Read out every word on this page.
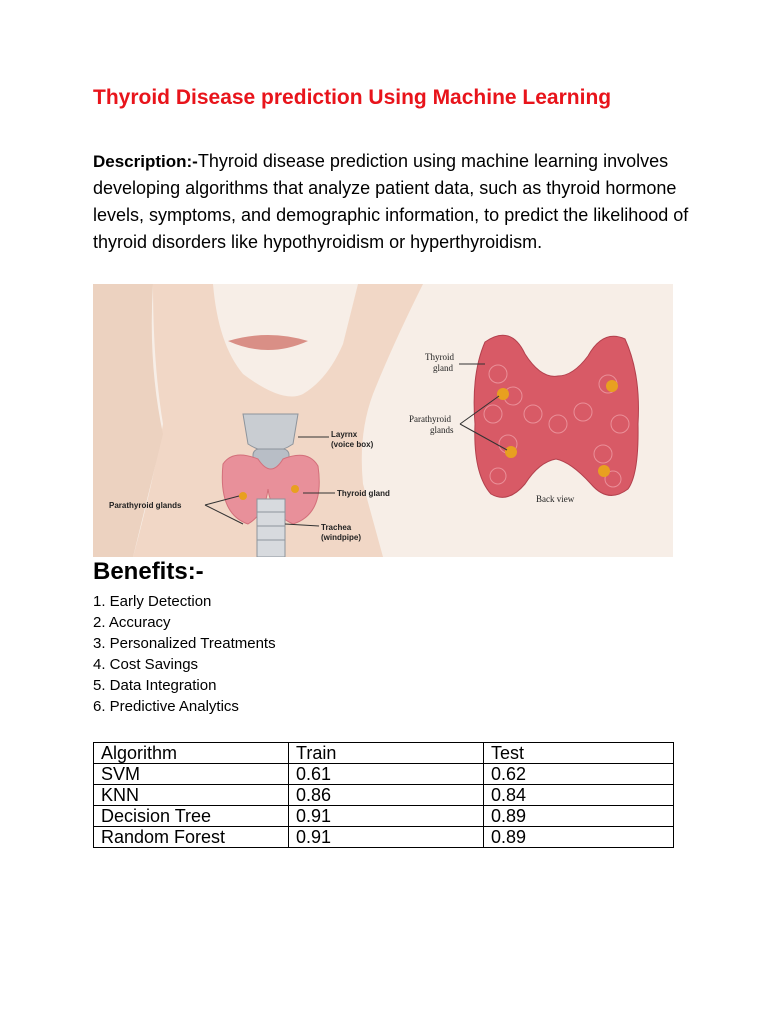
Thyroid Disease prediction Using Machine Learning

Description:-Thyroid disease prediction using machine learning involves developing algorithms that analyze patient data, such as thyroid hormone levels, symptoms, and demographic information, to predict the likelihood of thyroid disorders like hypothyroidism or hyperthyroidism.

Layrnx
(voice box)
Thyroid gland
Trachea
(windpipe)
Parathyroid glands
Thyroid
gland
Parathyroid
glands
Back view
Benefits:-
1. Early Detection
2. Accuracy
3. Personalized Treatments
4. Cost Savings
5. Data Integration
6. Predictive Analytics
Algorithm	Train	Test
SVM	0.61	0.62
KNN	0.86	0.84
Decision Tree	0.91	0.89
Random Forest	0.91	0.89
